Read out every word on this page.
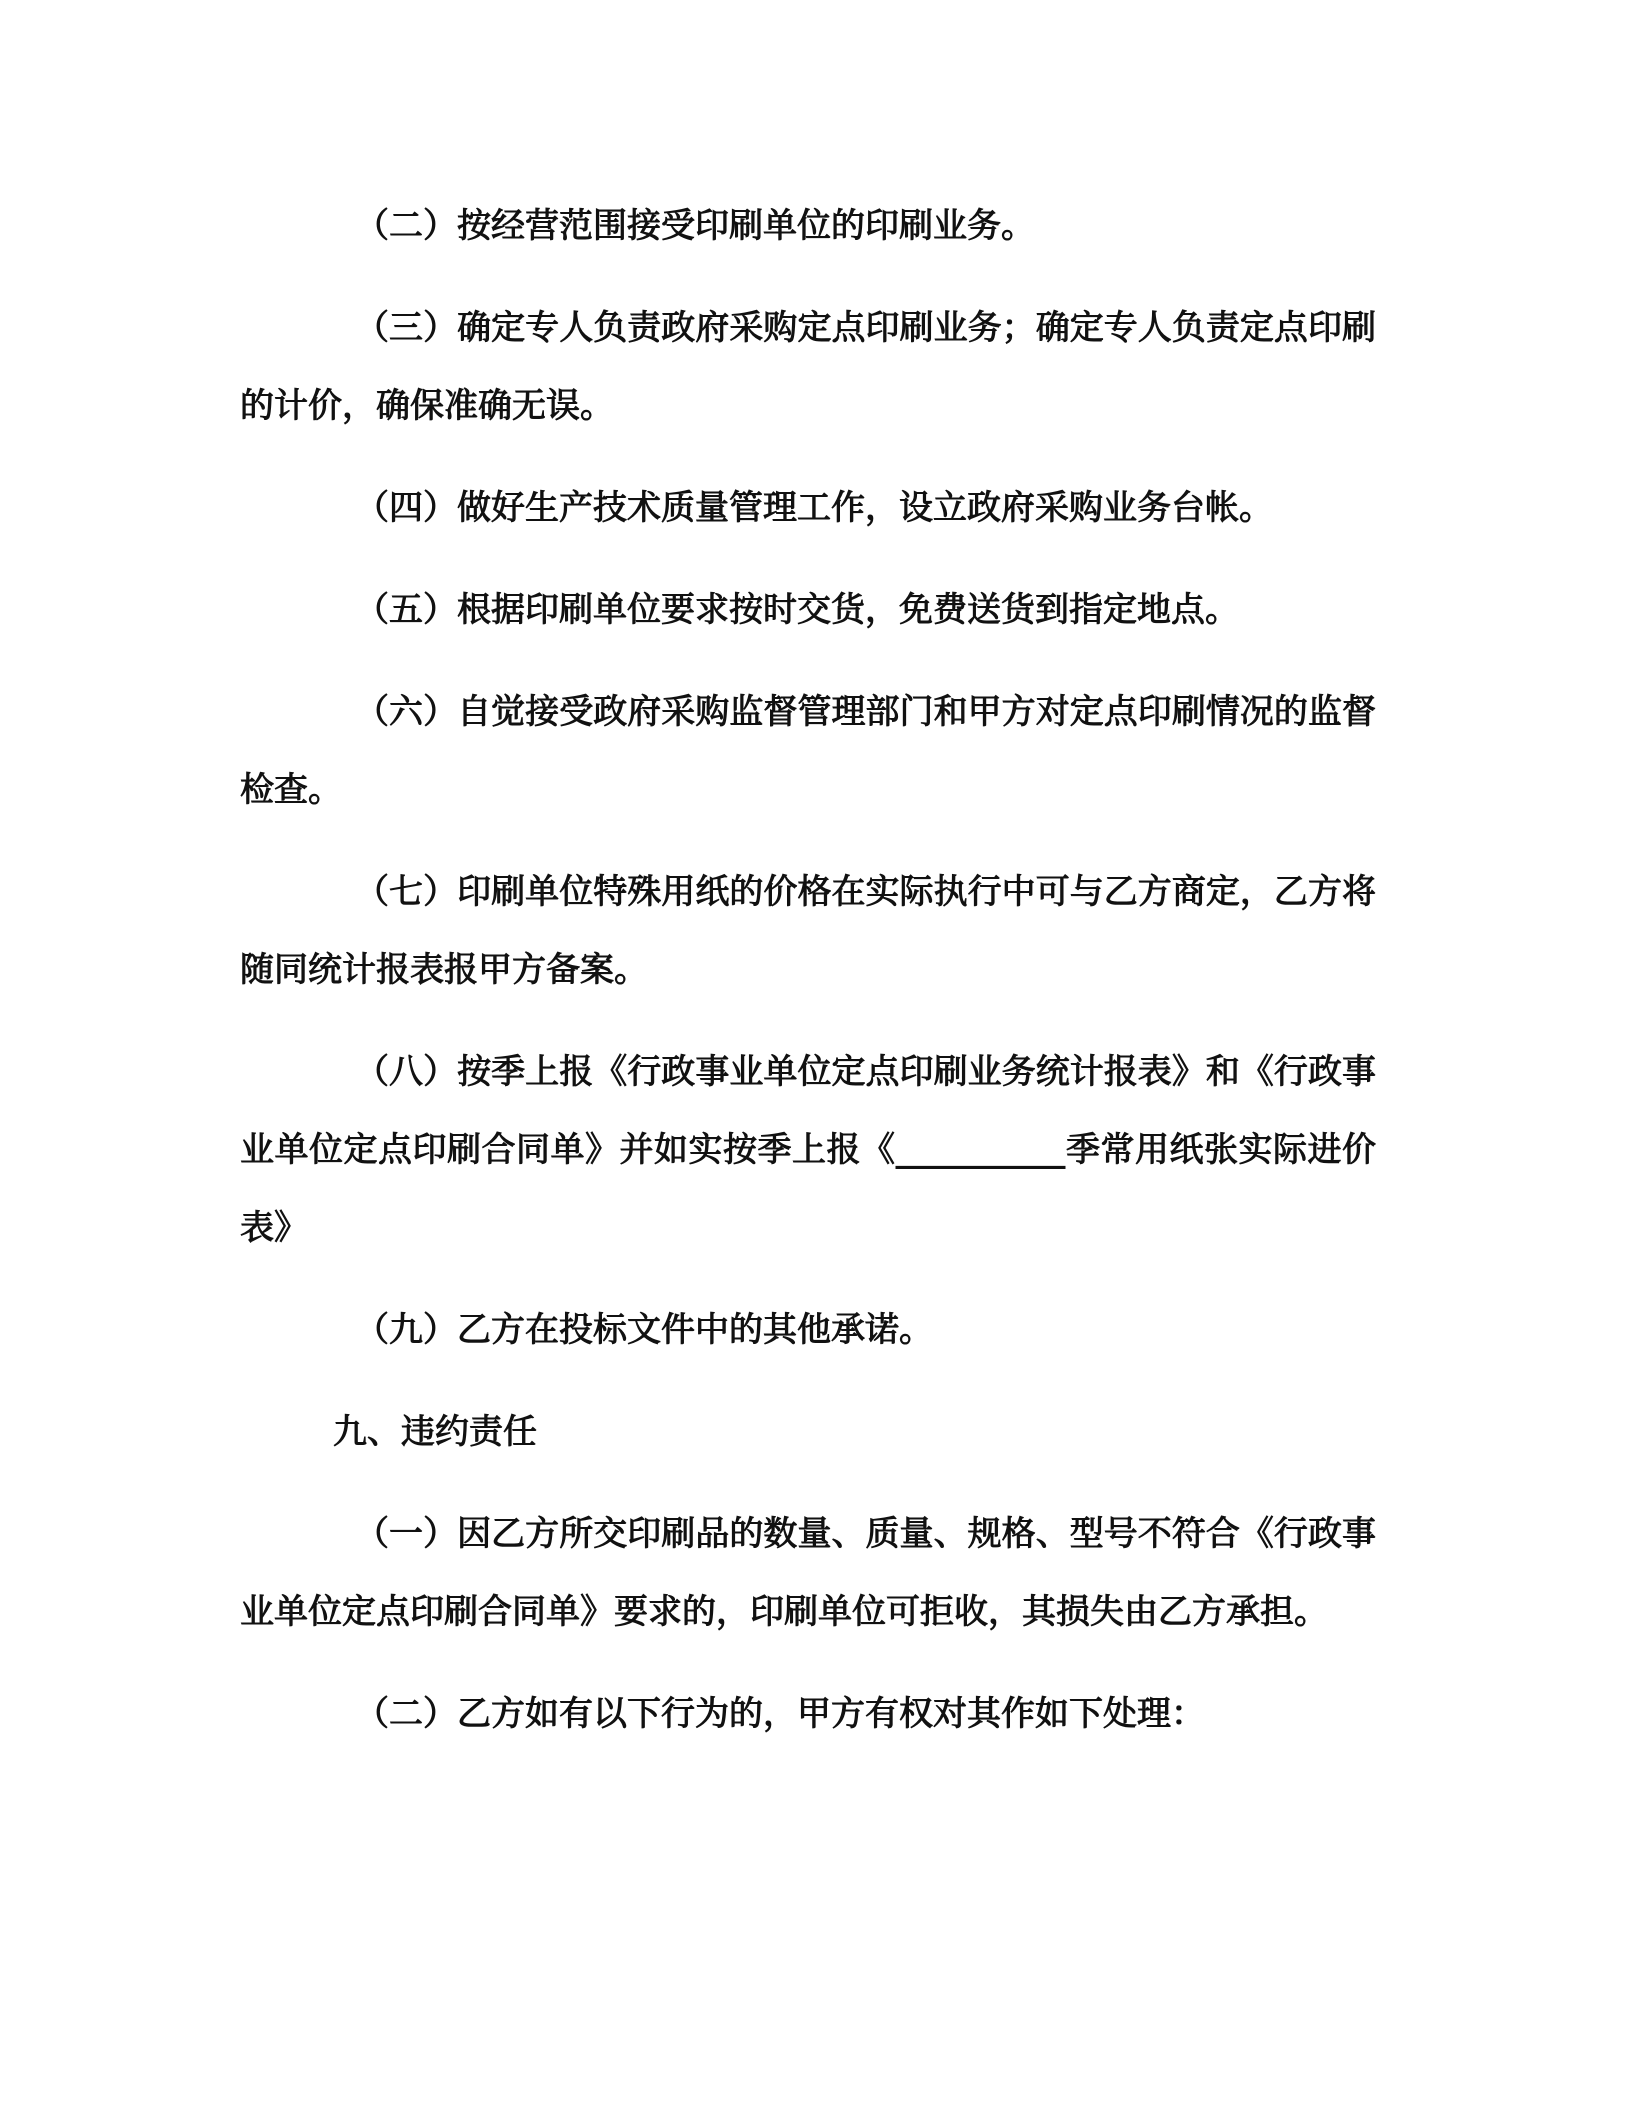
（二）按经营范围接受印刷单位的印刷业务。

（三）确定专人负责政府采购定点印刷业务；确定专人负责定点印刷的计价，确保准确无误。

（四）做好生产技术质量管理工作，设立政府采购业务台帐。

（五）根据印刷单位要求按时交货，免费送货到指定地点。

（六）自觉接受政府采购监督管理部门和甲方对定点印刷情况的监督检查。

（七）印刷单位特殊用纸的价格在实际执行中可与乙方商定，乙方将随同统计报表报甲方备案。

（八）按季上报《行政事业单位定点印刷业务统计报表》和《行政事业单位定点印刷合同单》并如实按季上报《__________季常用纸张实际进价表》

（九）乙方在投标文件中的其他承诺。

九、违约责任

（一）因乙方所交印刷品的数量、质量、规格、型号不符合《行政事业单位定点印刷合同单》要求的，印刷单位可拒收，其损失由乙方承担。

（二）乙方如有以下行为的，甲方有权对其作如下处理：
